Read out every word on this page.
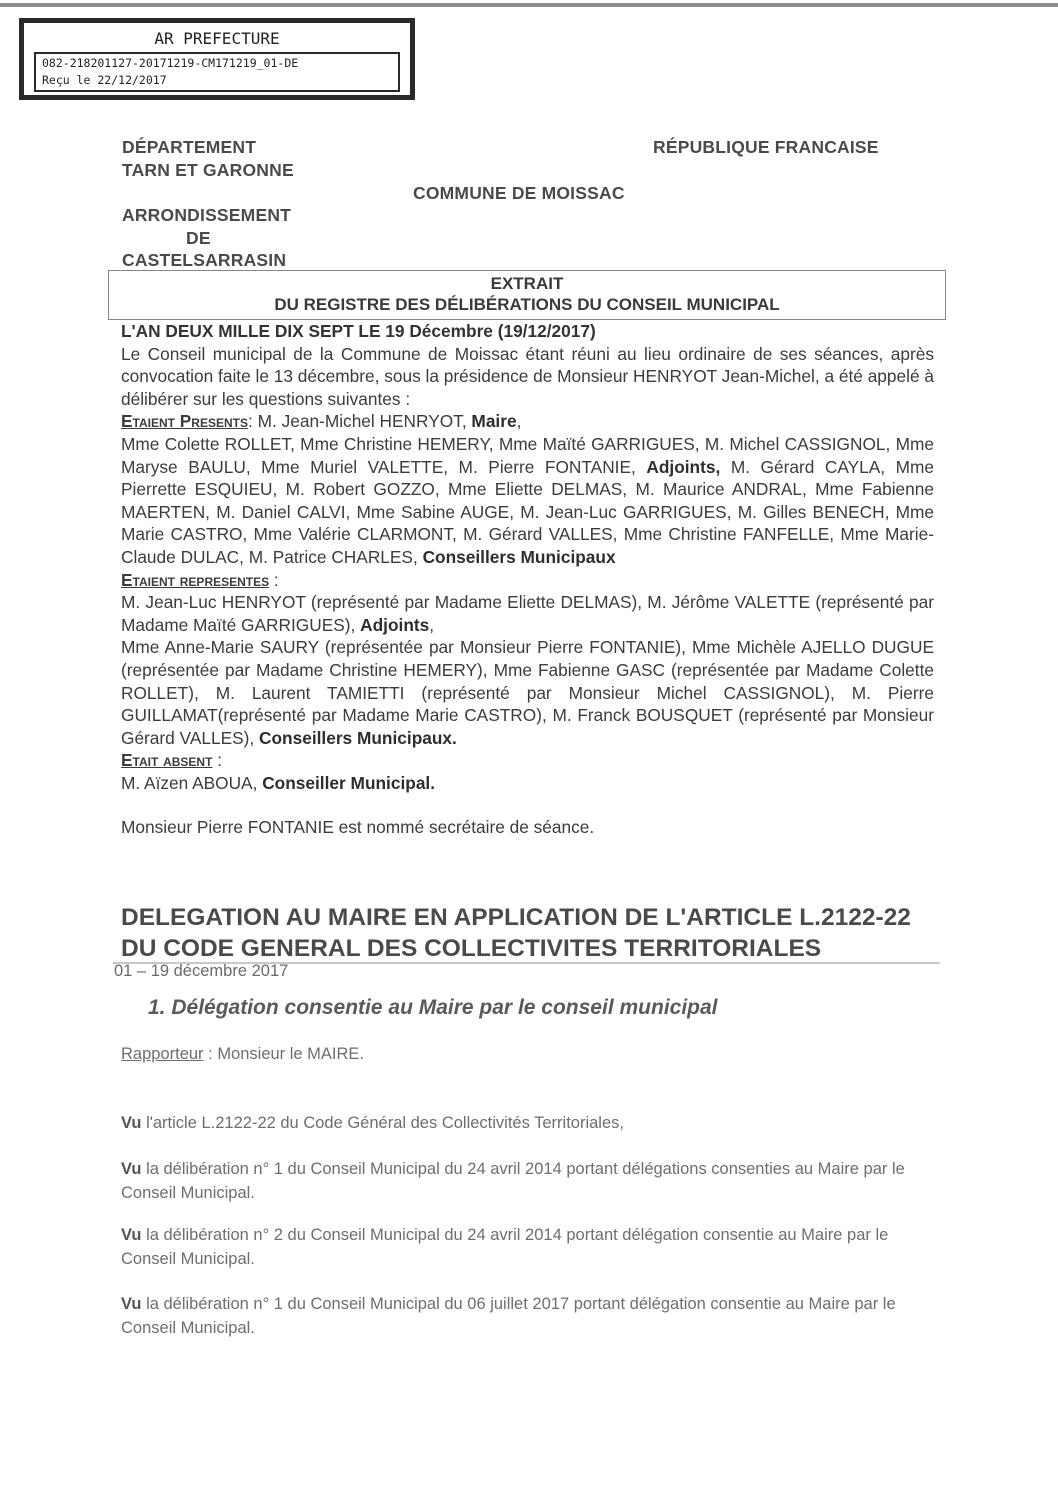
AR PREFECTURE
082-218201127-20171219-CM171219_01-DE
Reçu le 22/12/2017
DÉPARTEMENT
TARN ET GARONNE
RÉPUBLIQUE FRANCAISE
COMMUNE DE MOISSAC
ARRONDISSEMENT
DE
CASTELSARRASIN
EXTRAIT
DU REGISTRE DES DÉLIBÉRATIONS DU CONSEIL MUNICIPAL
L'AN DEUX MILLE DIX SEPT LE 19 Décembre (19/12/2017)
Le Conseil municipal de la Commune de Moissac étant réuni au lieu ordinaire de ses séances, après convocation faite le 13 décembre, sous la présidence de Monsieur HENRYOT Jean-Michel, a été appelé à délibérer sur les questions suivantes :
Etaient Presents: M. Jean-Michel HENRYOT, Maire,
Mme Colette ROLLET, Mme Christine HEMERY, Mme Maïté GARRIGUES, M. Michel CASSIGNOL, Mme Maryse BAULU, Mme Muriel VALETTE, M. Pierre FONTANIE, Adjoints, M. Gérard CAYLA, Mme Pierrette ESQUIEU, M. Robert GOZZO, Mme Eliette DELMAS, M. Maurice ANDRAL, Mme Fabienne MAERTEN, M. Daniel CALVI, Mme Sabine AUGE, M. Jean-Luc GARRIGUES, M. Gilles BENECH, Mme Marie CASTRO, Mme Valérie CLARMONT, M. Gérard VALLES, Mme Christine FANFELLE, Mme Marie-Claude DULAC, M. Patrice CHARLES, Conseillers Municipaux
Etaient representes :
M. Jean-Luc HENRYOT (représenté par Madame Eliette DELMAS), M. Jérôme VALETTE (représenté par Madame Maïté GARRIGUES), Adjoints,
Mme Anne-Marie SAURY (représentée par Monsieur Pierre FONTANIE), Mme Michèle AJELLO DUGUE (représentée par Madame Christine HEMERY), Mme Fabienne GASC (représentée par Madame Colette ROLLET), M. Laurent TAMIETTI (représenté par Monsieur Michel CASSIGNOL), M. Pierre GUILLAMAT(représenté par Madame Marie CASTRO), M. Franck BOUSQUET (représenté par Monsieur Gérard VALLES), Conseillers Municipaux.
Etait absent :
M. Aïzen ABOUA, Conseiller Municipal.
Monsieur Pierre FONTANIE est nommé secrétaire de séance.
DELEGATION AU MAIRE EN APPLICATION DE L'ARTICLE L.2122-22 DU CODE GENERAL DES COLLECTIVITES TERRITORIALES
01 – 19 décembre 2017
1. Délégation consentie au Maire par le conseil municipal
Rapporteur : Monsieur le MAIRE.
Vu l'article L.2122-22 du Code Général des Collectivités Territoriales,
Vu la délibération n° 1 du Conseil Municipal du 24 avril 2014 portant délégations consenties au Maire par le Conseil Municipal.
Vu la délibération n° 2 du Conseil Municipal du 24 avril 2014 portant délégation consentie au Maire par le Conseil Municipal.
Vu la délibération n° 1 du Conseil Municipal du 06 juillet 2017 portant délégation consentie au Maire par le Conseil Municipal.
